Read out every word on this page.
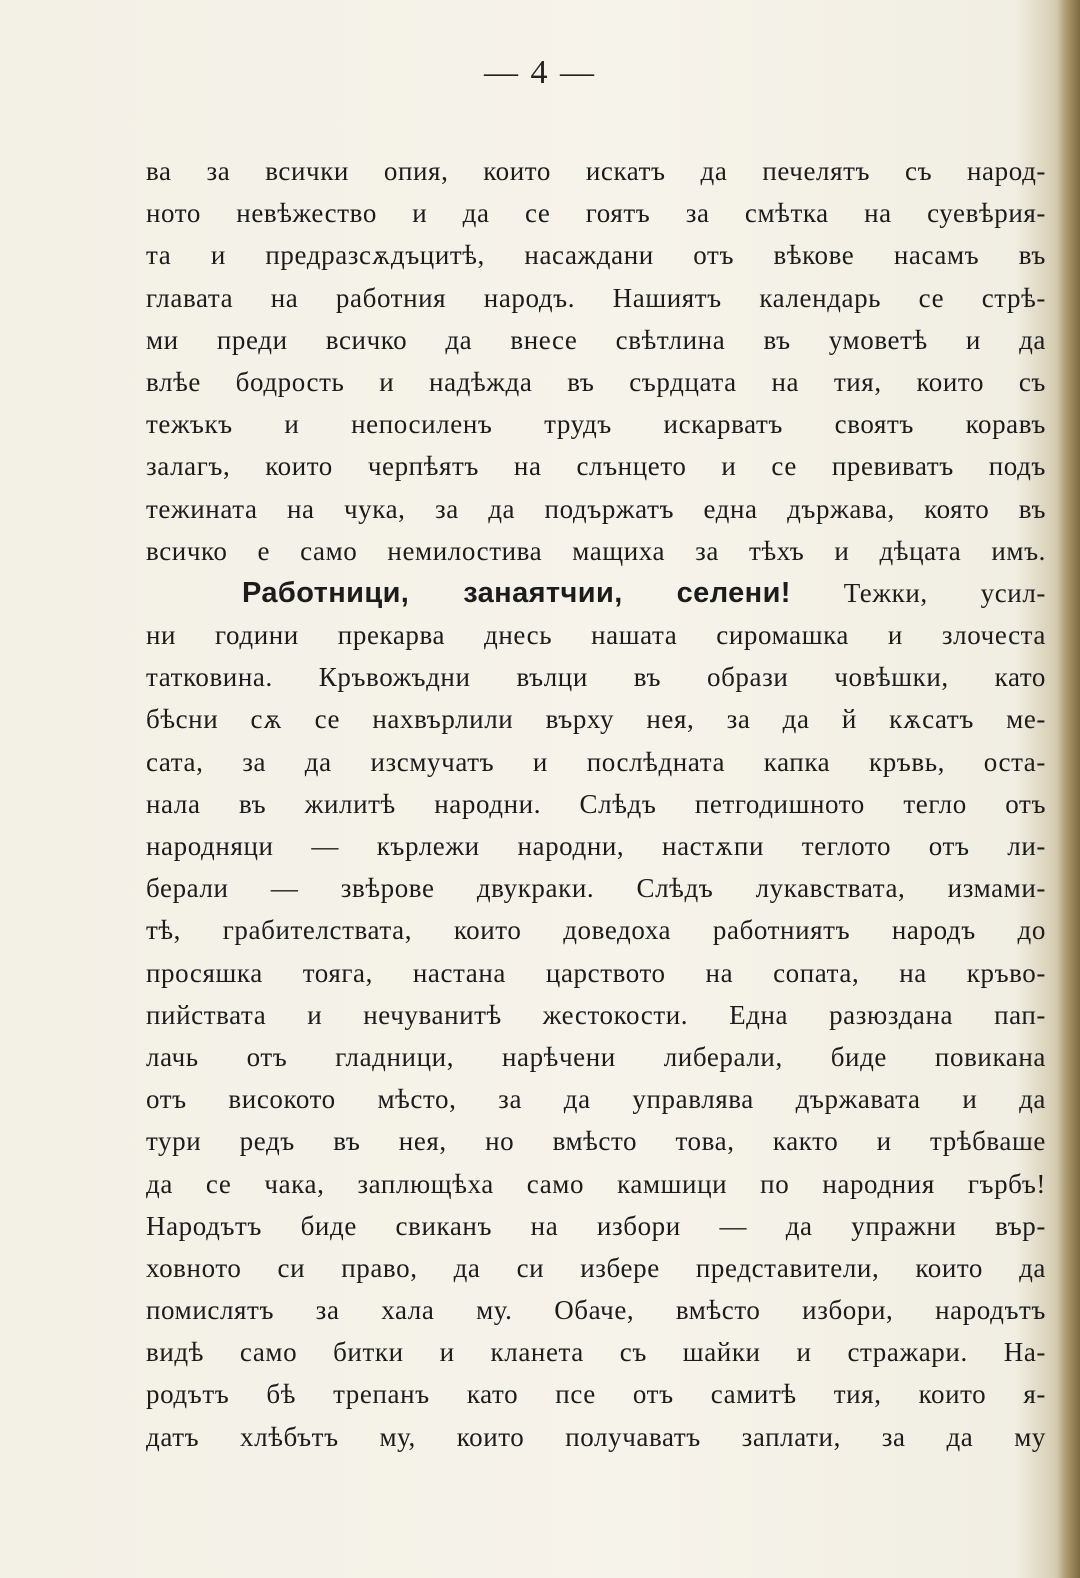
— 4 —
ва за всички опия, които искатъ да печелятъ съ народ-
ното невѣжество и да се гоятъ за смѣтка на суевѣрия-
та и предразсѫдъцитѣ, насаждани отъ вѣкове насамъ въ
главата на работния народъ. Нашиятъ календарь се стрѣ-
ми преди всичко да внесе свѣтлина въ умоветѣ и да
влѣе бодрость и надѣжда въ сърдцата на тия, които съ
тежъкъ и непосиленъ трудъ искарватъ своятъ коравъ
залагъ, които черпѣятъ на слънцето и се превиватъ подъ
тежината на чука, за да подържатъ една държава, която въ
всичко е само немилостива мащиха за тѣхъ и дѣцата имъ.
Работници, занаятчии, селени! Тежки, усил-
ни години прекарва днесь нашата сиромашка и злочеста
татковина. Кръвожъдни вълци въ образи човѣшки, като
бѣсни сѫ се нахвърлили върху нея, за да й кѫсатъ ме-
сата, за да изсмучатъ и послѣдната капка кръвь, оста-
нала въ жилитѣ народни. Слѣдъ петгодишното тегло отъ
народняци — кърлежи народни, настѫпи теглото отъ ли-
берали — звѣрове двукраки. Слѣдъ лукавствата, измами-
тѣ, грабителствата, които доведоха работниятъ народъ до
просяшка тояга, настана царството на сопата, на кръво-
пийствата и нечуванитѣ жестокости. Една разюздана пап-
лачь отъ гладници, нарѣчени либерали, биде повикана
отъ високото мѣсто, за да управлява държавата и да
тури редъ въ нея, но вмѣсто това, както и трѣбваше
да се чака, заплющѣха само камшици по народния гърбъ!
Народътъ биде свиканъ на избори — да упражни вър-
ховното си право, да си избере представители, които да
помислятъ за хала му. Обаче, вмѣсто избори, народътъ
видѣ само битки и кланета съ шайки и стражари. На-
родътъ бѣ трепанъ като псе отъ самитѣ тия, които я-
датъ хлѣбътъ му, които получаватъ заплати, за да му
